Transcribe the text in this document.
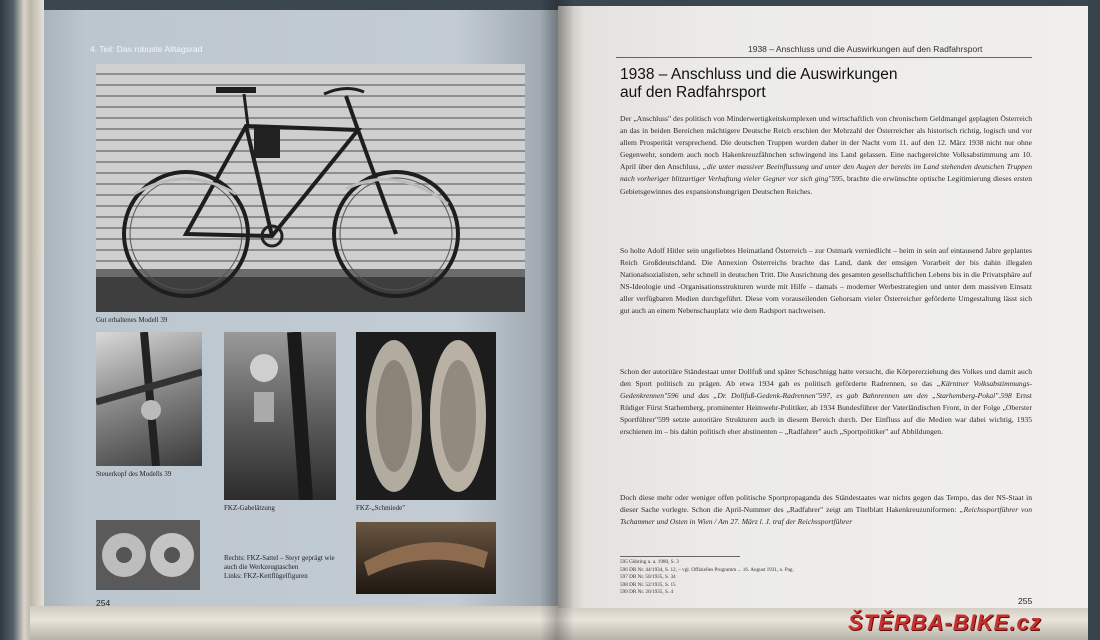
4. Teil: Das robuste Alltagsrad
Gut erhaltenes Modell 39
Steuerkopf des Modells 39
FKZ-Gabelätzung	FKZ-„Schmiede"
Rechts: FKZ-Sattel – Steyr geprägt wie auch die Werkzeugtaschen
Links: FKZ-Kettflügelfiguren
254
1938 – Anschluss und die Auswirkungen auf den Radfahrsport
1938 – Anschluss und die Auswirkungen
auf den Radfahrsport

Der „Anschluss" des politisch von Minderwertigkeitskomplexen und wirtschaftlich von chronischem Geldmangel geplagten Österreich an das in beiden Bereichen mächtigere Deutsche Reich erschien der Mehrzahl der Österreicher als historisch richtig, logisch und vor allem Prosperität versprechend. Die deutschen Truppen wurden daher in der Nacht vom 11. auf den 12. März 1938 nicht nur ohne Gegenwehr, sondern auch noch Hakenkreuzfähnchen schwingend ins Land gelassen. Eine nachgereichte Volksabstimmung am 10. April über den Anschluss, „die unter massiver Beeinflussung und unter den Augen der bereits im Land stehenden deutschen Truppen nach vorheriger blitzartiger Verhaftung vieler Gegner vor sich ging"595, brachte die erwünschte optische Legitimierung dieses ersten Gebietsgewinnes des expansionshungrigen Deutschen Reiches.

So holte Adolf Hitler sein ungeliebtes Heimatland Österreich – zur Ostmark verniedlicht – heim in sein auf eintausend Jahre geplantes Reich Großdeutschland. Die Annexion Österreichs brachte das Land, dank der emsigen Vorarbeit der bis dahin illegalen Nationalsozialisten, sehr schnell in deutschen Tritt. Die Ausrichtung des gesamten gesellschaftlichen Lebens bis in die Privatsphäre auf NS-Ideologie und -Organisationsstrukturen wurde mit Hilfe – damals – moderner Werbestrategien und unter dem massiven Einsatz aller verfügbaren Medien durchgeführt. Diese vom vorauseilenden Gehorsam vieler Österreicher geförderte Umgestaltung lässt sich gut auch an einem Nebenschauplatz wie dem Radsport nachweisen.

Schon der autoritäre Ständestaat unter Dollfuß und später Schuschnigg hatte versucht, die Körpererziehung des Volkes und damit auch den Sport politisch zu prägen. Ab etwa 1934 gab es politisch geförderte Radrennen, so das „Kärntner Volksabstimmungs-Gedenkrennen"596 und das „Dr. Dollfuß-Gedenk-Radrennen"597, es gab Bahnrennen um den „Starhemberg-Pokal".598 Ernst Rüdiger Fürst Starhemberg, prominenter Heimwehr-Politiker, ab 1934 Bundesführer der Vaterländischen Front, in der Folge „Oberster Sportführer"599 setzte autoritäre Strukturen auch in diesem Bereich durch. Der Einfluss auf die Medien war dabei wichtig, 1935 erschienen im – bis dahin politisch eher abstinenten – „Radfahrer" auch „Sportpolitiker" auf Abbildungen.

Doch diese mehr oder weniger offen politische Sportpropaganda des Ständestaates war nichts gegen das Tempo, das der NS-Staat in dieser Sache vorlegte. Schon die April-Nummer des „Radfahrer" zeigt am Titelblatt Hakenkreuzuniformen: „Reichssportführer von Tschammer und Osten in Wien / Am 27. März l. J. traf der Reichssportführer

595 Gühring u. a. 1980, S. 3
596 DR Nr. 44/1934, S. 12, – vgl. Offizielles Programm ... 16. August 1931, o. Pag.
597 DR Nr. 50/1935, S. 34
598 DR Nr. 52/1935, S. 15
599 DR Nr. 20/1935, S. 4
255
ŠTĚRBA-BIKE.cz
